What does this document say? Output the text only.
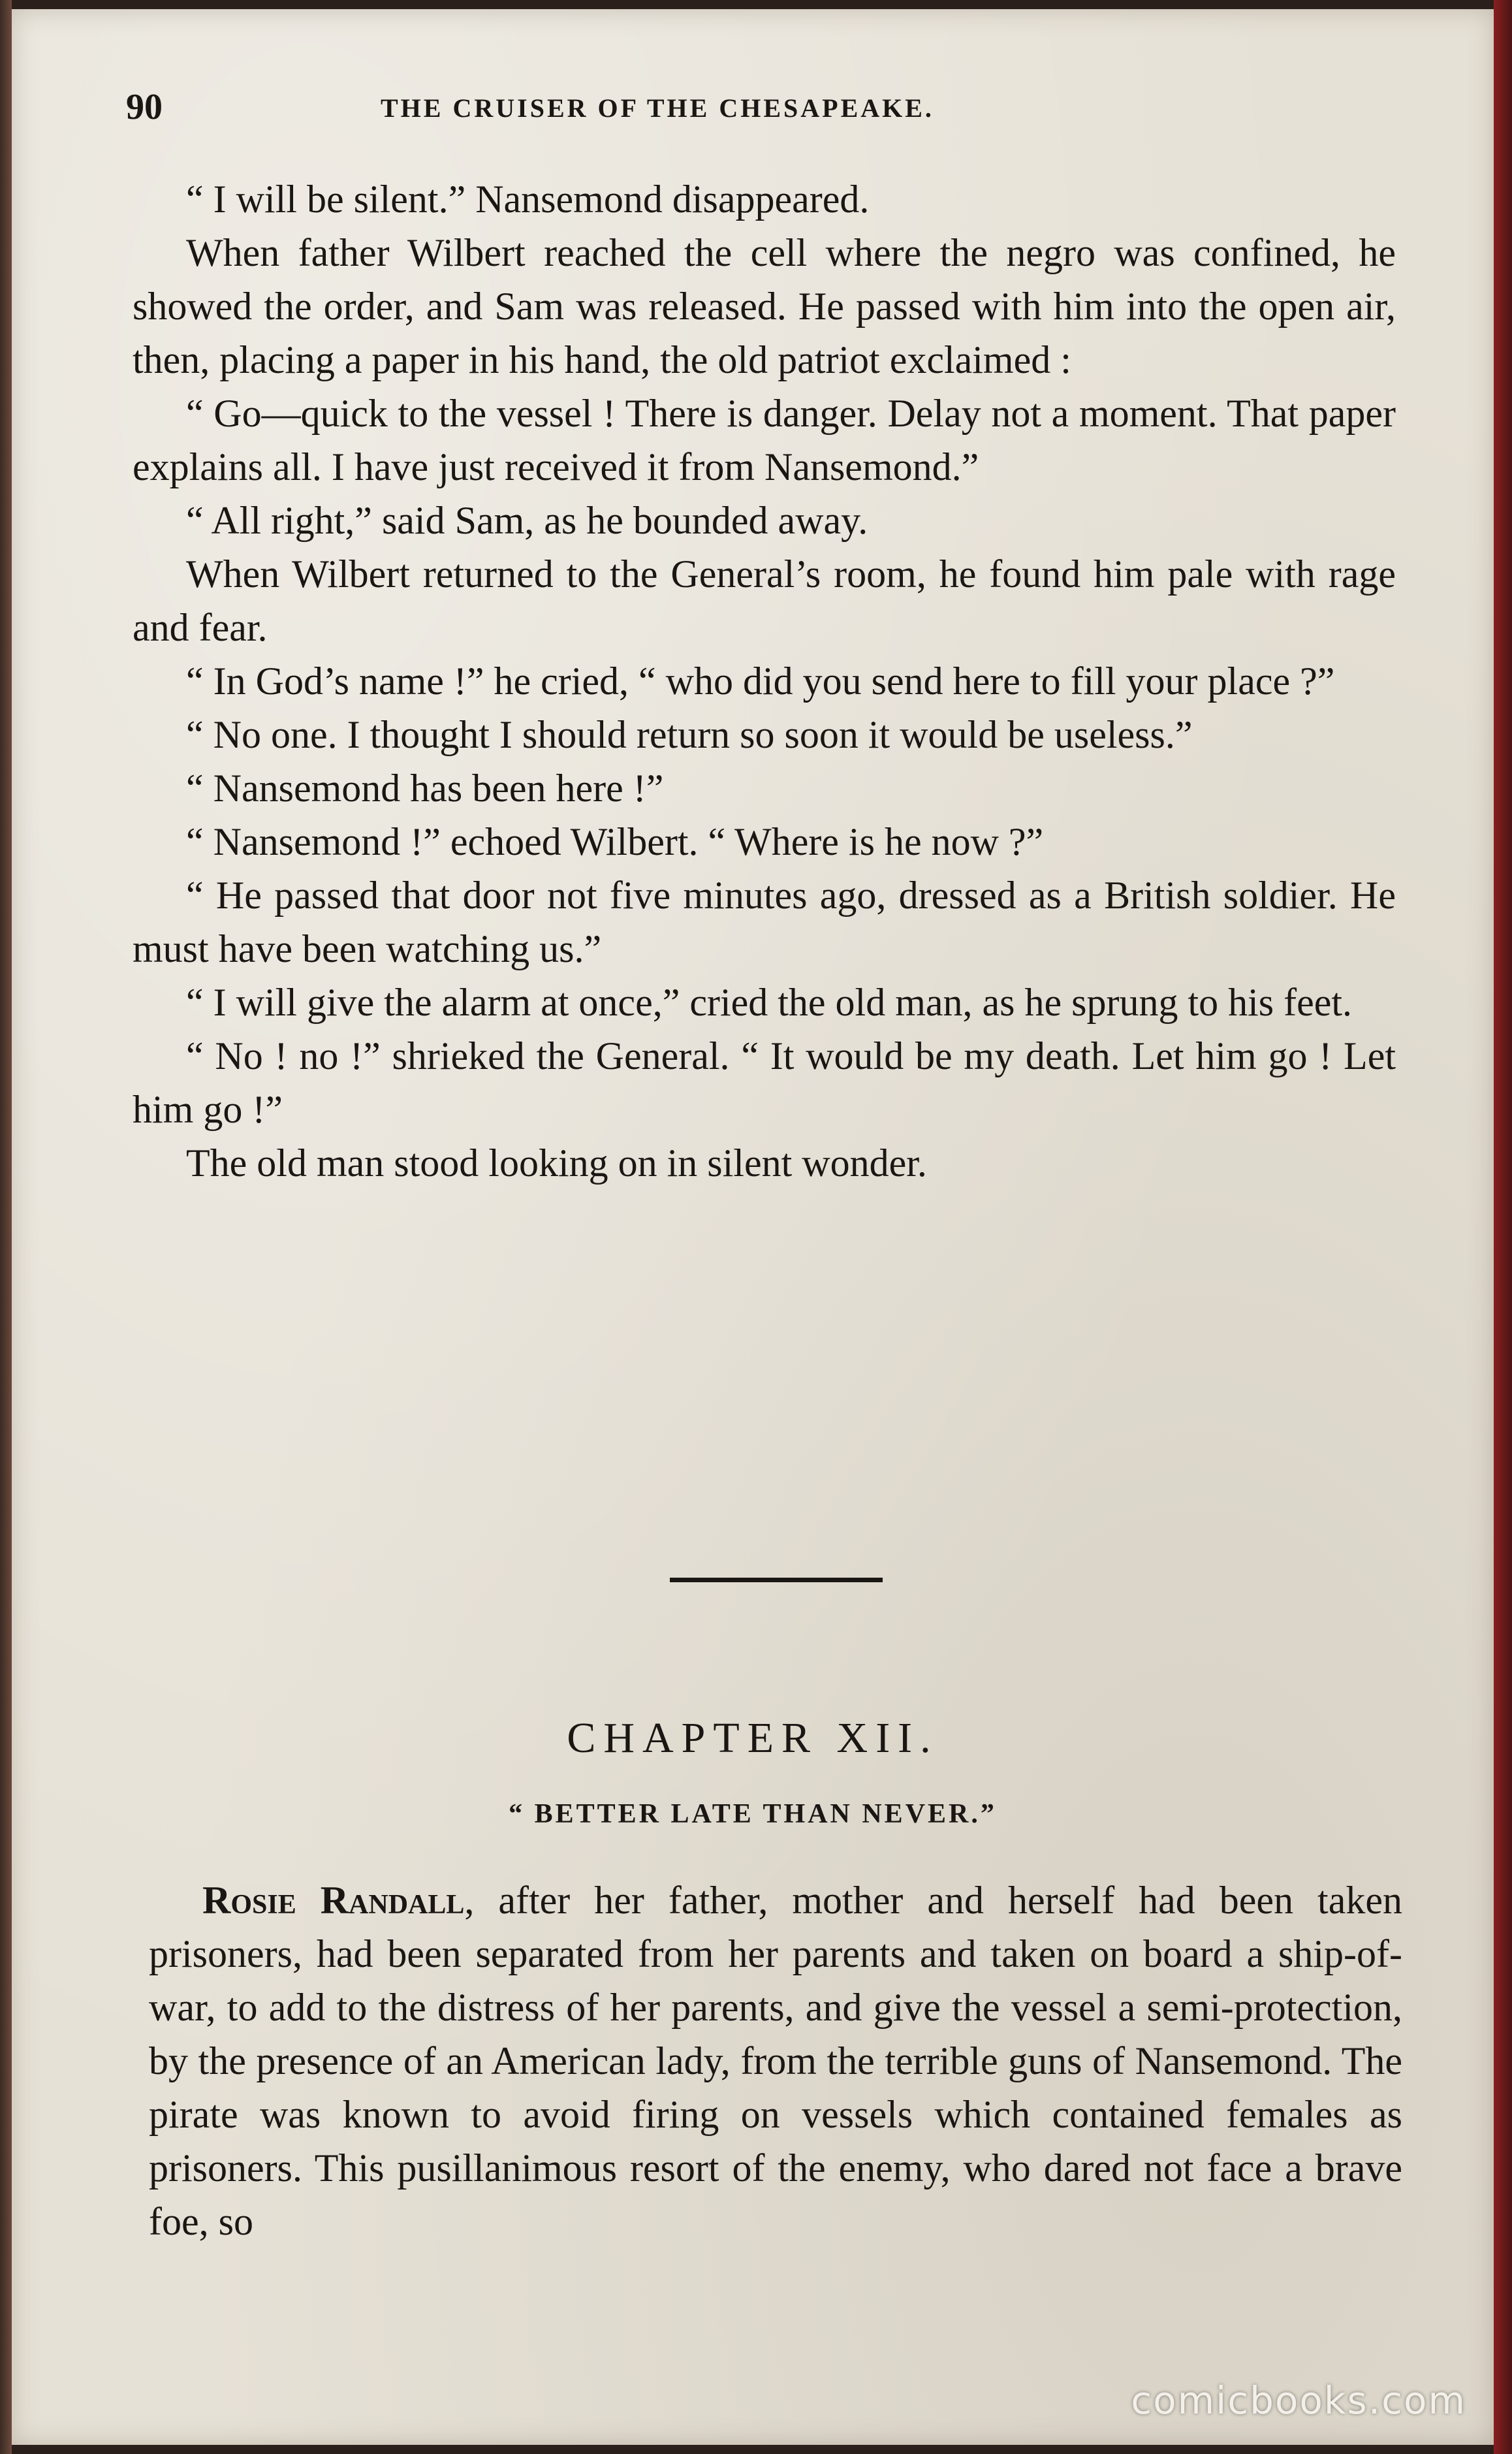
90	THE CRUISER OF THE CHESAPEAKE.

“ I will be silent.” Nansemond disappeared.

When father Wilbert reached the cell where the negro was confined, he showed the order, and Sam was released. He passed with him into the open air, then, placing a paper in his hand, the old patriot exclaimed :

“ Go—quick to the vessel ! There is danger. Delay not a moment. That paper explains all. I have just received it from Nansemond.”

“ All right,” said Sam, as he bounded away.

When Wilbert returned to the General’s room, he found him pale with rage and fear.

“ In God’s name !” he cried, “ who did you send here to fill your place ?”

“ No one. I thought I should return so soon it would be useless.”

“ Nansemond has been here !”

“ Nansemond !” echoed Wilbert. “ Where is he now ?”

“ He passed that door not five minutes ago, dressed as a British soldier. He must have been watching us.”

“ I will give the alarm at once,” cried the old man, as he sprung to his feet.

“ No ! no !” shrieked the General. “ It would be my death. Let him go ! Let him go !”

The old man stood looking on in silent wonder.

CHAPTER XII.
“ BETTER LATE THAN NEVER.”

Rosie Randall, after her father, mother and herself had been taken prisoners, had been separated from her parents and taken on board a ship-of-war, to add to the distress of her parents, and give the vessel a semi-protection, by the presence of an American lady, from the terrible guns of Nansemond. The pirate was known to avoid firing on vessels which contained females as prisoners. This pusillanimous resort of the enemy, who dared not face a brave foe, so

comicbooks.com
